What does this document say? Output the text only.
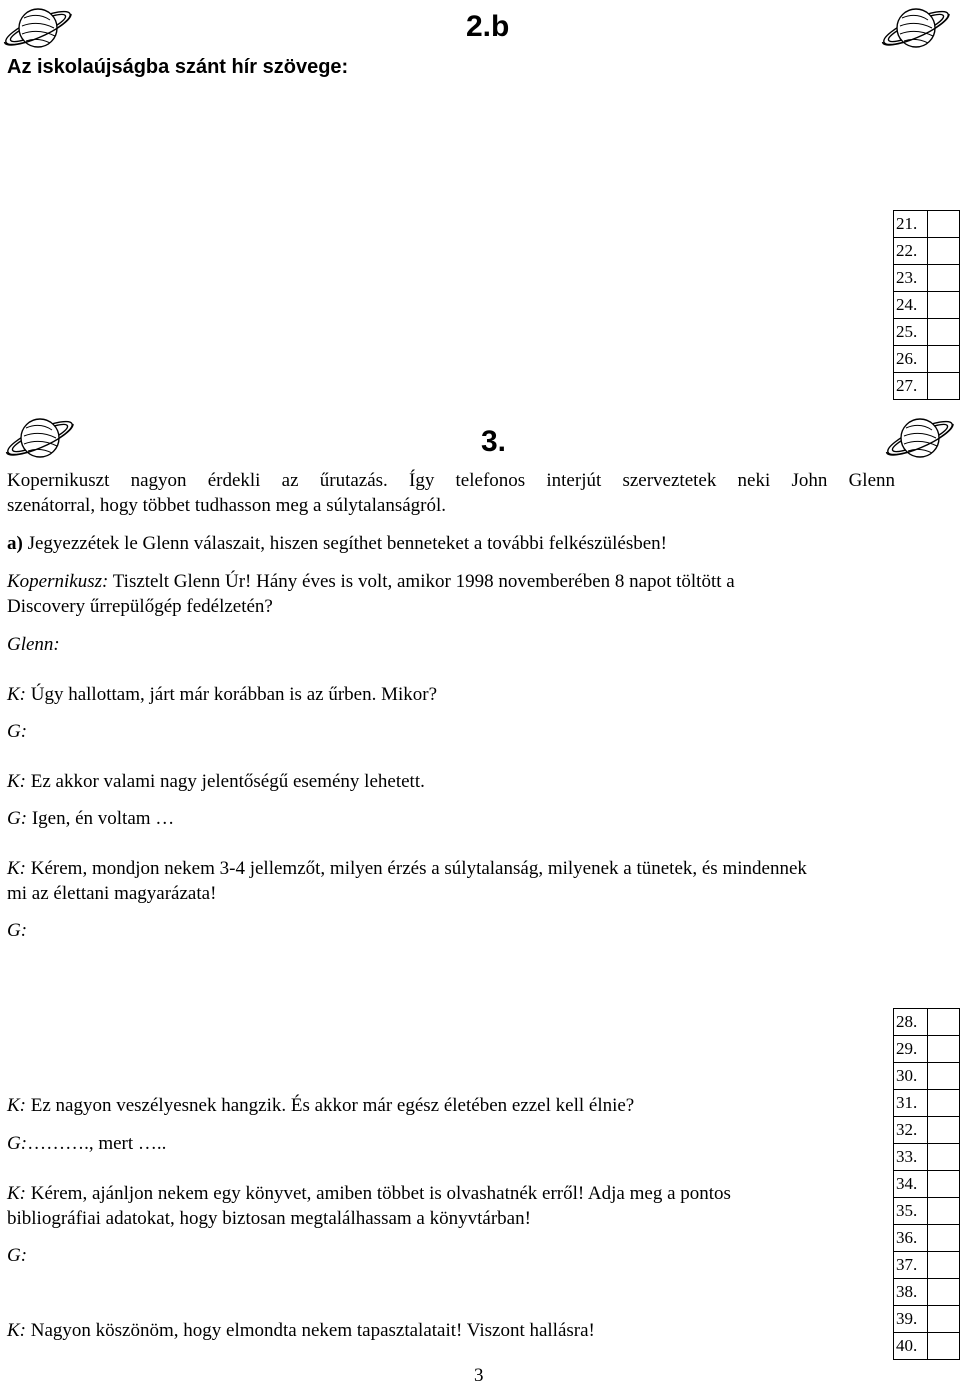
2.b
Az iskolaújságba szánt hír szövege:
21.	
22.	
23.	
24.	
25.	
26.	
27.	
3.
Kopernikuszt nagyon érdekli az űrutazás. Így telefonos interjút szerveztetek neki John Glenn
szenátorral, hogy többet tudhasson meg a súlytalanságról.
a) Jegyezzétek le Glenn válaszait, hiszen segíthet benneteket a további felkészülésben!
Kopernikusz: Tisztelt Glenn Úr! Hány éves is volt, amikor 1998 novemberében 8 napot töltött a
Discovery űrrepülőgép fedélzetén?
Glenn:
K: Úgy hallottam, járt már korábban is az űrben. Mikor?
G:
K: Ez akkor valami nagy jelentőségű esemény lehetett.
G: Igen, én voltam …
K: Kérem, mondjon nekem 3-4 jellemzőt, milyen érzés a súlytalanság, milyenek a tünetek, és mindennek
mi az élettani magyarázata!
G:
28.	
29.	
30.	
31.	
32.	
33.	
34.	
35.	
36.	
37.	
38.	
39.	
40.	
K: Ez nagyon veszélyesnek hangzik. És akkor már egész életében ezzel kell élnie?
G:………., mert …..
K: Kérem, ajánljon nekem egy könyvet, amiben többet is olvashatnék erről! Adja meg a pontos
bibliográfiai adatokat, hogy biztosan megtalálhassam a könyvtárban!
G:
K: Nagyon köszönöm, hogy elmondta nekem tapasztalatait! Viszont hallásra!
3
